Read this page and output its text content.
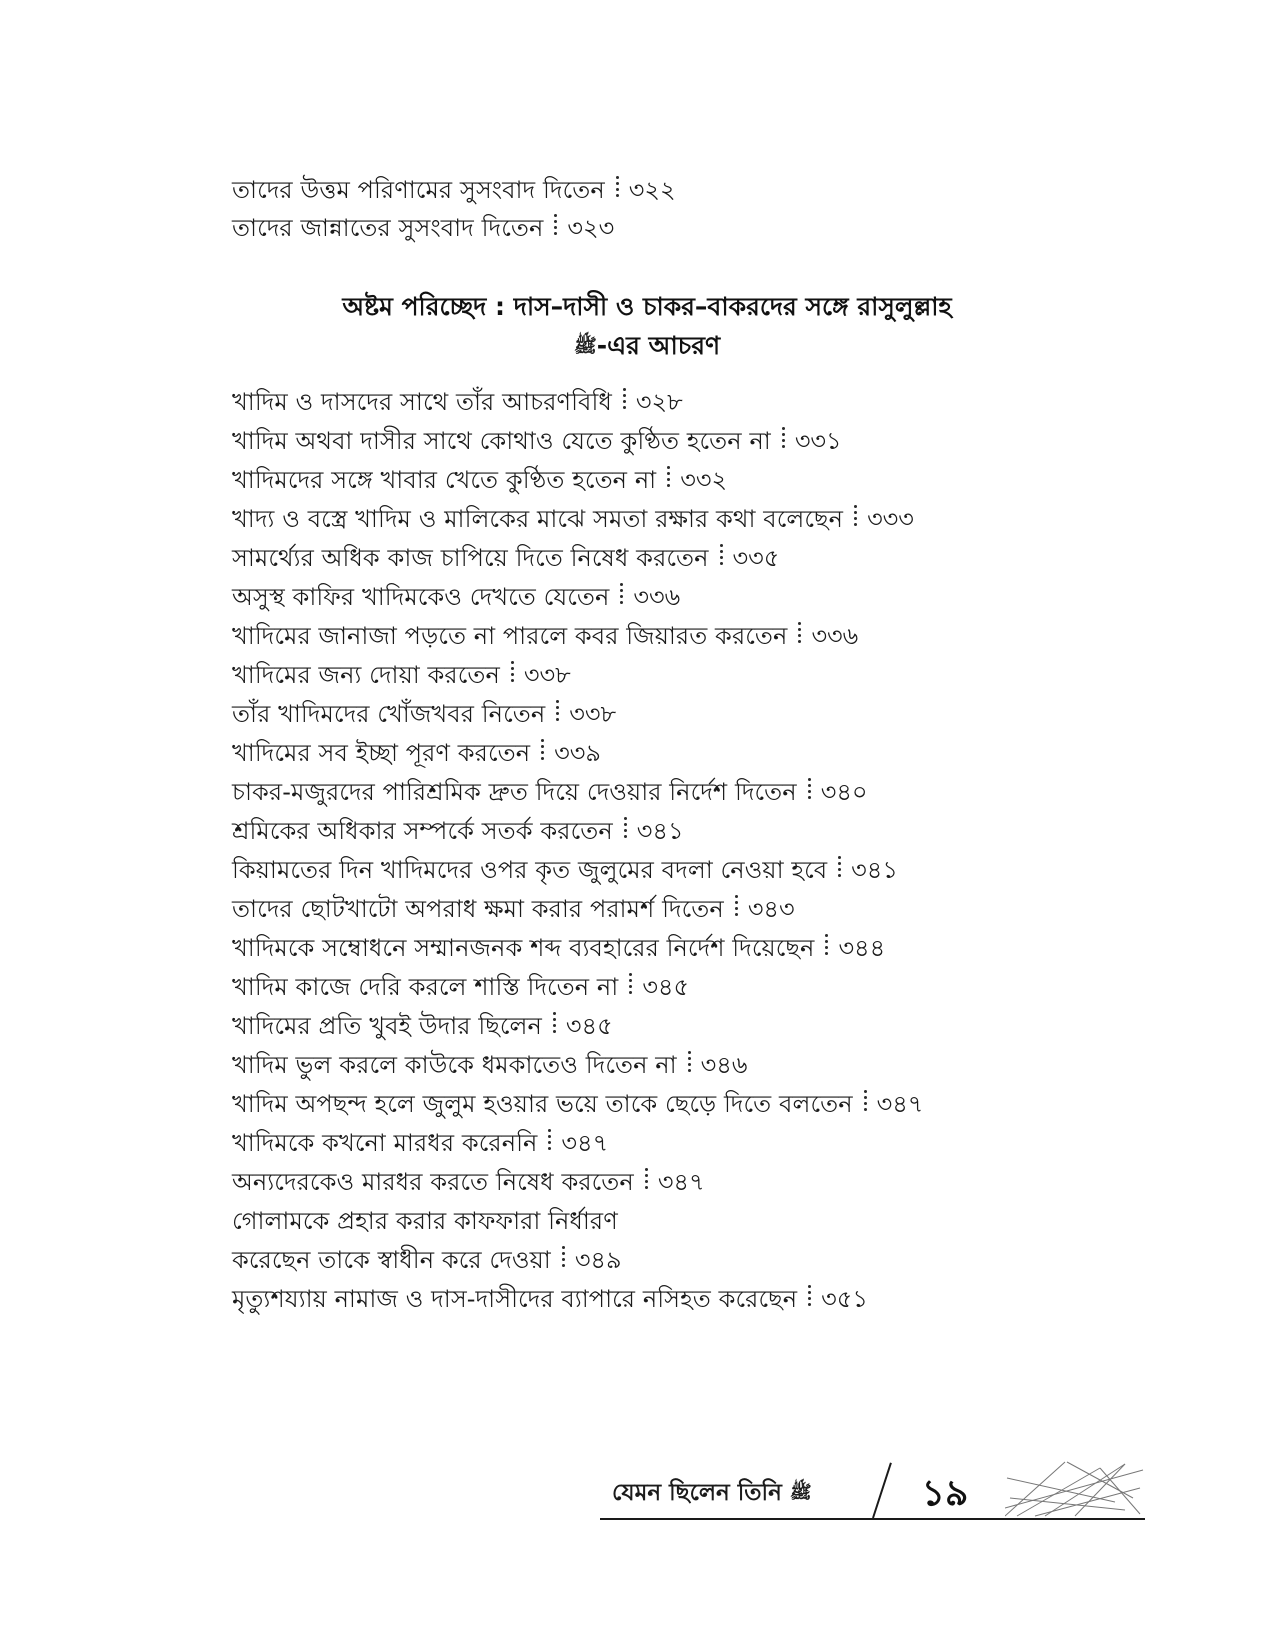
তাদের উত্তম পরিণামের সুসংবাদ দিতেন ৩২২
তাদের জান্নাতের সুসংবাদ দিতেন ৩২৩
অষ্টম পরিচ্ছেদ : দাস–দাসী ও চাকর–বাকরদের সঙ্গে রাসুলুল্লাহ
ﷺ-এর আচরণ
খাদিম ও দাসদের সাথে তাঁর আচরণবিধি ৩২৮
খাদিম অথবা দাসীর সাথে কোথাও যেতে কুণ্ঠিত হতেন না ৩৩১
খাদিমদের সঙ্গে খাবার খেতে কুণ্ঠিত হতেন না ৩৩২
খাদ্য ও বস্ত্রে খাদিম ও মালিকের মাঝে সমতা রক্ষার কথা বলেছেন ৩৩৩
সামর্থ্যের অধিক কাজ চাপিয়ে দিতে নিষেধ করতেন ৩৩৫
অসুস্থ কাফির খাদিমকেও দেখতে যেতেন ৩৩৬
খাদিমের জানাজা পড়তে না পারলে কবর জিয়ারত করতেন ৩৩৬
খাদিমের জন্য দোয়া করতেন ৩৩৮
তাঁর খাদিমদের খোঁজখবর নিতেন ৩৩৮
খাদিমের সব ইচ্ছা পূরণ করতেন ৩৩৯
চাকর-মজুরদের পারিশ্রমিক দ্রুত দিয়ে দেওয়ার নির্দেশ দিতেন ৩৪০
শ্রমিকের অধিকার সম্পর্কে সতর্ক করতেন ৩৪১
কিয়ামতের দিন খাদিমদের ওপর কৃত জুলুমের বদলা নেওয়া হবে ৩৪১
তাদের ছোটখাটো অপরাধ ক্ষমা করার পরামর্শ দিতেন ৩৪৩
খাদিমকে সম্বোধনে সম্মানজনক শব্দ ব্যবহারের নির্দেশ দিয়েছেন ৩৪৪
খাদিম কাজে দেরি করলে শাস্তি দিতেন না ৩৪৫
খাদিমের প্রতি খুবই উদার ছিলেন ৩৪৫
খাদিম ভুল করলে কাউকে ধমকাতেও দিতেন না ৩৪৬
খাদিম অপছন্দ হলে জুলুম হওয়ার ভয়ে তাকে ছেড়ে দিতে বলতেন ৩৪৭
খাদিমকে কখনো মারধর করেননি ৩৪৭
অন্যদেরকেও মারধর করতে নিষেধ করতেন ৩৪৭
গোলামকে প্রহার করার কাফফারা নির্ধারণ
করেছেন তাকে স্বাধীন করে দেওয়া ৩৪৯
মৃত্যুশয্যায় নামাজ ও দাস-দাসীদের ব্যাপারে নসিহত করেছেন ৩৫১
যেমন ছিলেন তিনি ﷺ	১৯
